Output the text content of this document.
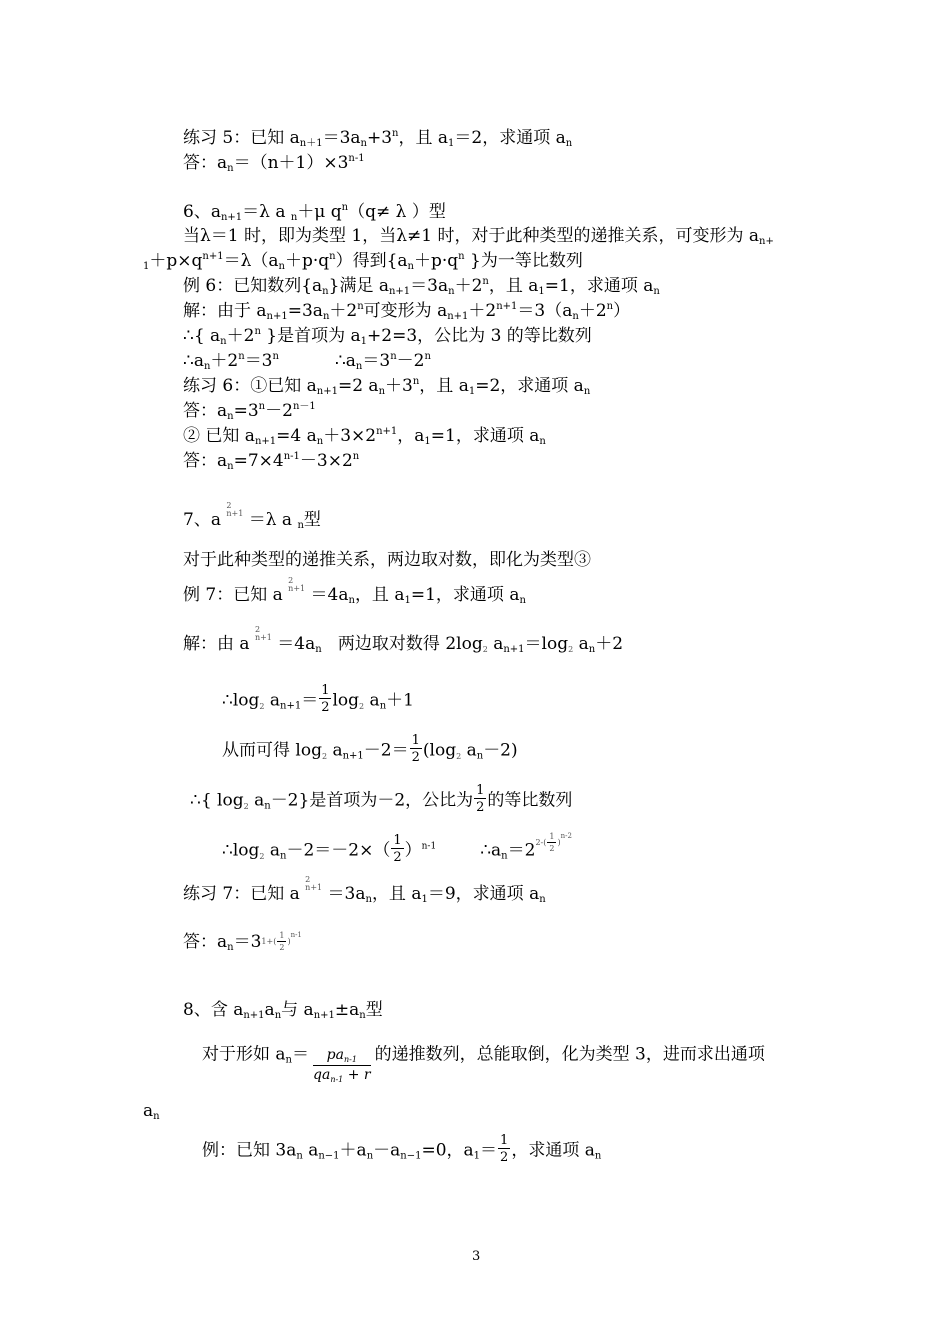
练习 5：已知 $a_{n+1}=3a_n+3^n$，且 $a_1=2$，求通项 $a_n$
答：$a_n=(n+1)\times 3^{n-1}$
6、$a_{n+1}=\lambda$ a $_n$＋μ $q^n(q\ne \lambda$ ）型
当λ＝1 时，即为类型 1，当λ≠1 时，对于此种类型的递推关系，可变形为 $a_{n+}$
$_1+p\times q^{n+1}=\lambda(a_n+p\cdot q^n)$得到{$a_n+p\cdot q^n$ }为一等比数列
例 6：已知数列$\{a_n\}$满足 $a_{n+1}=3a_n+2^n$，且 $a_1=1$，求通项 $a_n$
解：由于 $a_{n+1}=3a_n+2^n$可变形为 $a_{n+1}+2^{n+1}=3(a_n+2^n)$
∴{ $a_n+2^n$ }是首项为 $a_1+2=3$，公比为 3 的等比数列
$\therefore a_n+2^n=3^n$	$\therefore a_n=3^n-2^n$
练习 6：①已知 $a_{n+1}=2$ $a_n+3^n$，且 $a_1=2$，求通项 $a_n$
答：$a_n=3^n-2^{n-1}$
② 已知 $a_{n+1}=4$ $a_n+3\times 2^{n+1}$，$a_1=1$，求通项 $a_n$
答：$a_n=7\times 4^{n-1}-3\times 2^n$
7、a 2
n+1 ＝λ a $_n$型
对于此种类型的递推关系，两边取对数，即化为类型③
例 7：已知 a 2
$n+1 =4a_n$，且 $a_1=1$，求通项 $a_n$
解：由 a 2
$n+1 =4a_n$   两边取对数得 $2\log_2$ $a_{n+1}=\log_2$ $a_n+2$
$\therefore\log_2$ $a_{n+1}= \frac{1}{2} \log_2 a_n+1$
从而可得 $\log_2 a_{n+1}-2= \frac{1}{2} (\log_2$ $a_n-2$)
∴{ $\log_2 a_n-2$}是首项为－2，公比为 $\frac{1}{2}$ 的等比数列
$\therefore\log_2$ $a_n-2=-2\times( \frac{1}{2} )^{n-1}$	$\therefore a_n=22-( \frac{1}{2} )^{n-2}$
练习 7：已知 a 2
$n+1 =3a_n$，且 $a_1=9$，求通项 $a_n$
答：$a_n=31+( \frac{1}{2} )^{n-1}$
8、含 $a_{n+1}a_n$与 $a_{n+1}\pm a_n$型
对于形如 $a_n= \frac{pa_{n-1}}{qa_{n-1} + r}$ 的递推数列，总能取倒，化为类型 3，进而求出通项
$a_n$
例：已知 $3a_n$ $a_{n-1}+a_n-a_{n-1}=0$，$a_1= \frac{1}{2}$ ，求通项 $a_n$
3
